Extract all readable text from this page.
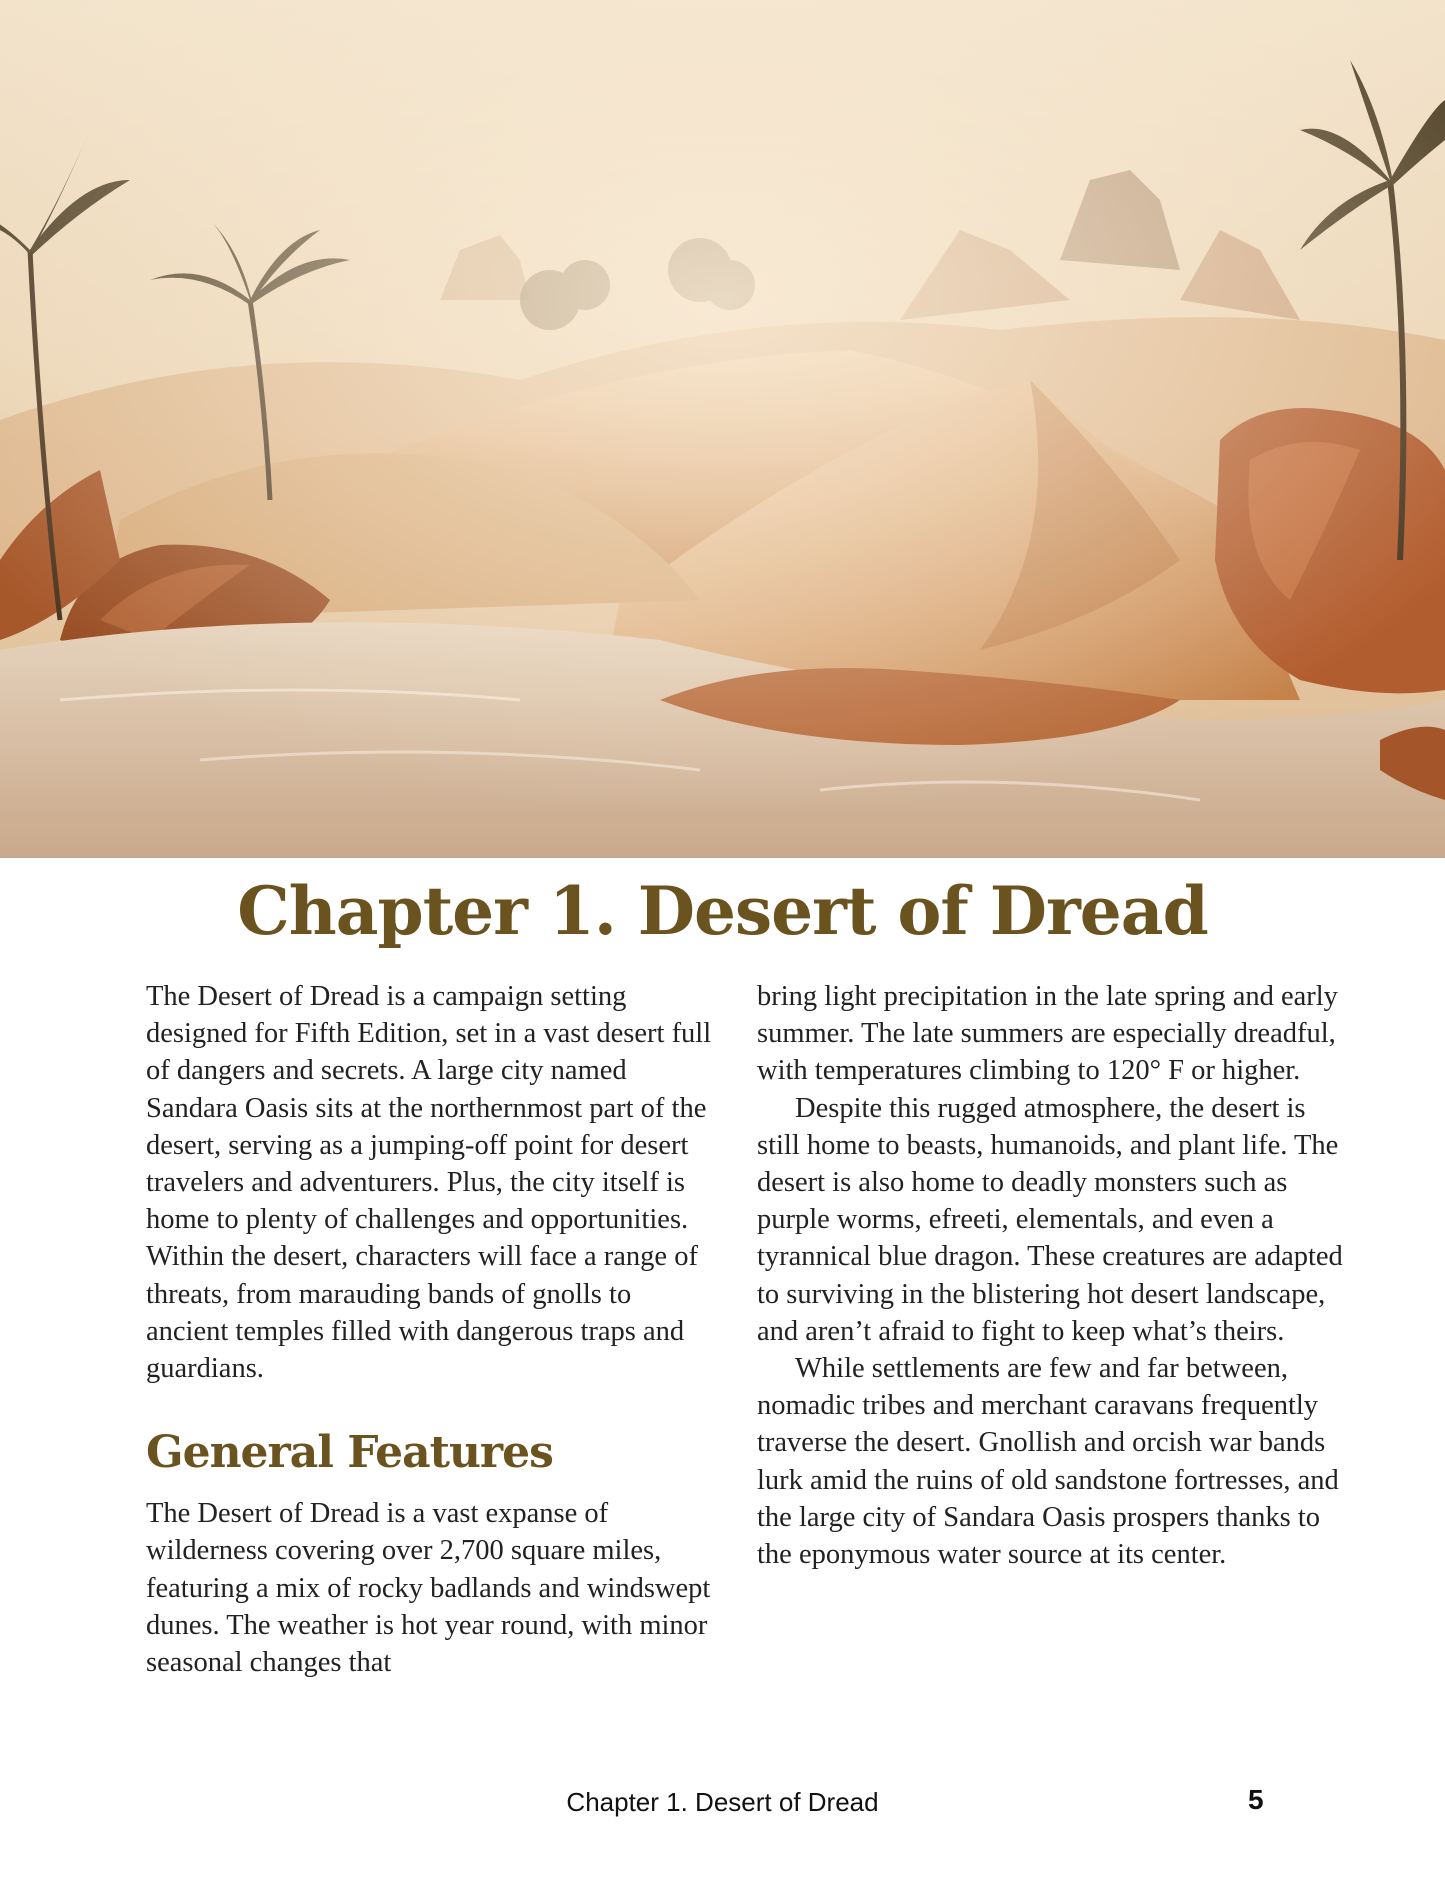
Chapter 1. Desert of Dread

The Desert of Dread is a campaign setting designed for Fifth Edition, set in a vast desert full of dangers and secrets. A large city named Sandara Oasis sits at the northernmost part of the desert, serving as a jumping-off point for desert travelers and adventurers. Plus, the city itself is home to plenty of challenges and opportunities. Within the desert, characters will face a range of threats, from marauding bands of gnolls to ancient temples filled with dangerous traps and guardians.

General Features

The Desert of Dread is a vast expanse of wilderness covering over 2,700 square miles, featuring a mix of rocky badlands and windswept dunes. The weather is hot year round, with minor seasonal changes that

bring light precipitation in the late spring and early summer. The late summers are especially dreadful, with temperatures climbing to 120° F or higher.

Despite this rugged atmosphere, the desert is still home to beasts, humanoids, and plant life. The desert is also home to deadly monsters such as purple worms, efreeti, elementals, and even a tyrannical blue dragon. These creatures are adapted to surviving in the blistering hot desert landscape, and aren’t afraid to fight to keep what’s theirs.

While settlements are few and far between, nomadic tribes and merchant caravans frequently traverse the desert. Gnollish and orcish war bands lurk amid the ruins of old sandstone fortresses, and the large city of Sandara Oasis prospers thanks to the eponymous water source at its center.

Chapter 1. Desert of Dread	5
